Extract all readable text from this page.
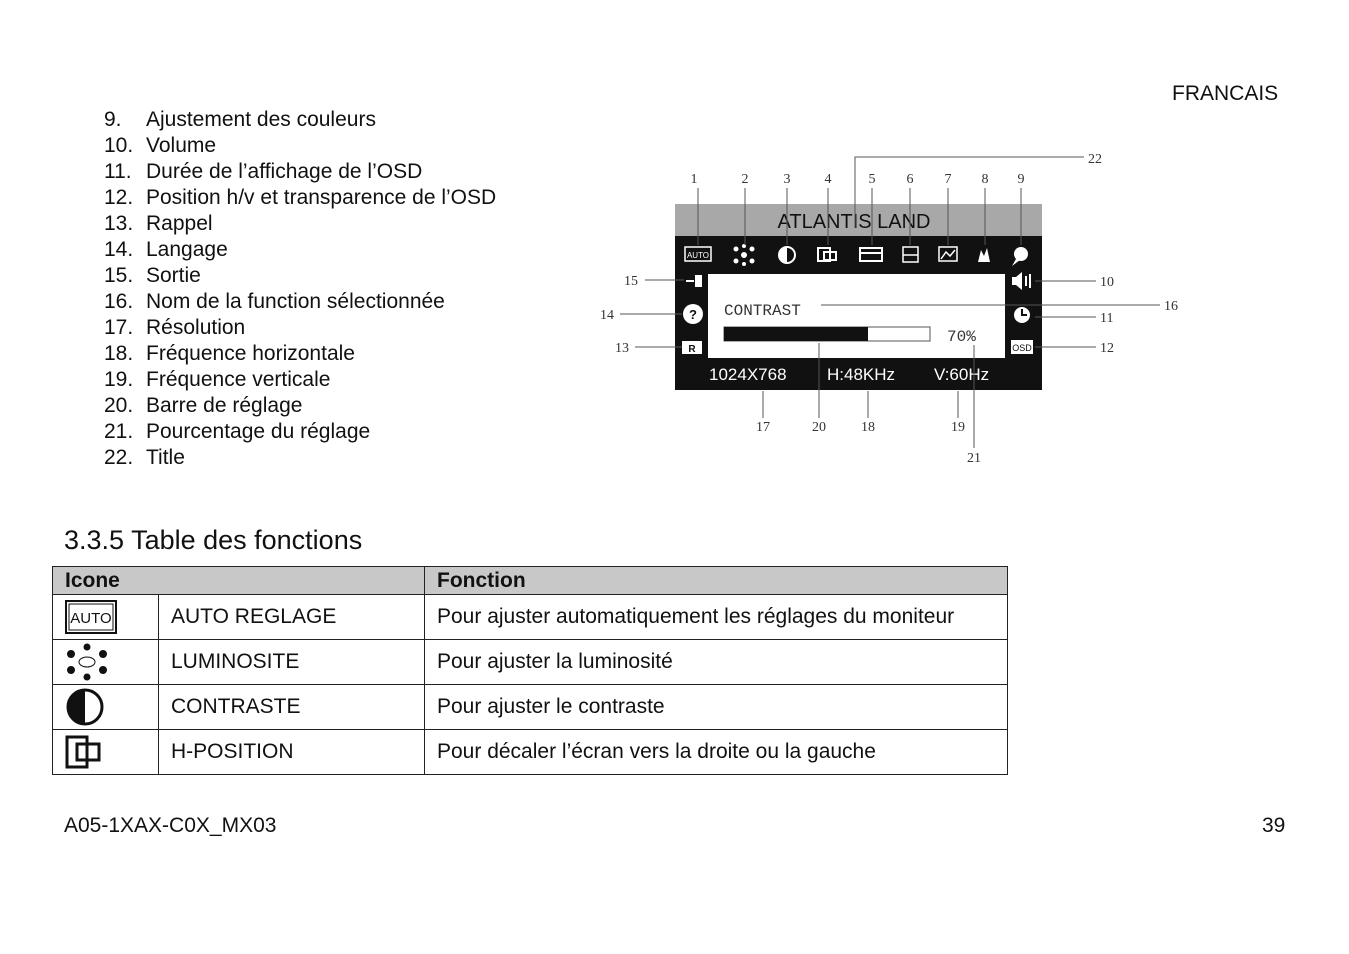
FRANCAIS
9. Ajustement des couleurs
10. Volume
11. Durée de l’affichage de l’OSD
12. Position h/v et transparence de l’OSD
13. Rappel
14. Langage
15. Sortie
16. Nom de la function sélectionnée
17. Résolution
18. Fréquence horizontale
19. Fréquence verticale
20. Barre de réglage
21. Pourcentage du réglage
22. Title
1	2	3 4	5 6 7 8 9
22
15
14
13
10
11
12
16
17	20	18	19
21
ATLANTIS LAND
AUTO
?
R	OSD
CONTRAST
70%
1024X768 H:48KHz V:60Hz
3.3.5 Table des fonctions
Icone		Fonction

AUTO	AUTO REGLAGE	Pour ajuster automatiquement les réglages du moniteur

	LUMINOSITE	Pour ajuster la luminosité

	CONTRASTE	Pour ajuster le contraste

	H-POSITION	Pour décaler l’écran vers la droite ou la gauche
A05-1XAX-C0X_MX03	39
